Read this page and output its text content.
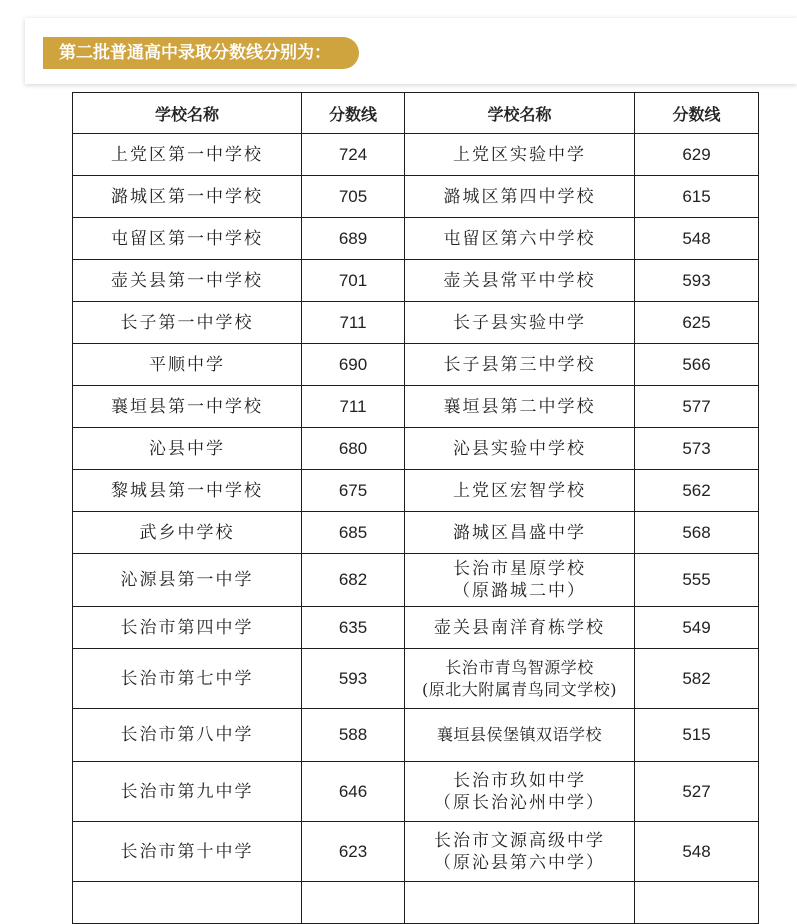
第二批普通高中录取分数线分别为：
学校名称	分数线	学校名称	分数线
上党区第一中学校	724	上党区实验中学	629
潞城区第一中学校	705	潞城区第四中学校	615
屯留区第一中学校	689	屯留区第六中学校	548
壶关县第一中学校	701	壶关县常平中学校	593
长子第一中学校	711	长子县实验中学	625
平顺中学	690	长子县第三中学校	566
襄垣县第一中学校	711	襄垣县第二中学校	577
沁县中学	680	沁县实验中学校	573
黎城县第一中学校	675	上党区宏智学校	562
武乡中学校	685	潞城区昌盛中学	568
沁源县第一中学	682	长治市星原学校
（原潞城二中）	555
长治市第四中学	635	壶关县南洋育栋学校	549
长治市第七中学	593	长治市青鸟智源学校
(原北大附属青鸟同文学校)	582
长治市第八中学	588	襄垣县侯堡镇双语学校	515
长治市第九中学	646	长治市玖如中学
（原长治沁州中学）	527
长治市第十中学	623	长治市文源高级中学
（原沁县第六中学）	548
